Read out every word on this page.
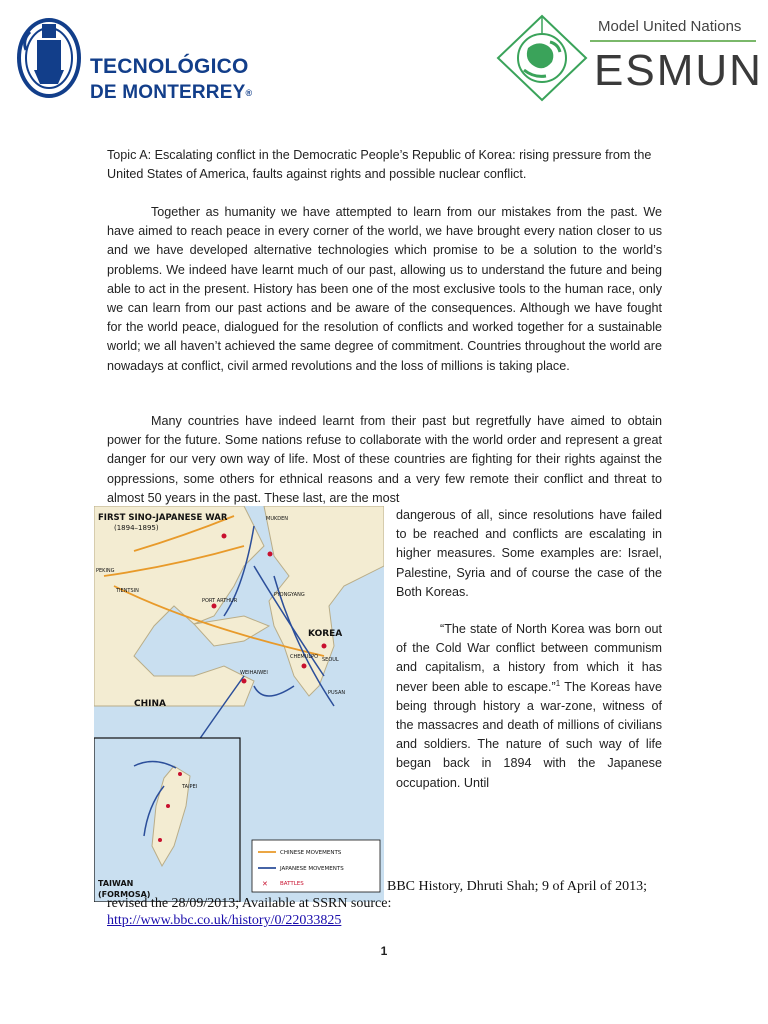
TECNOLÓGICO
DE MONTERREY®
Model United Nations
ESMUN

Topic A: Escalating conflict in the Democratic People’s Republic of Korea: rising pressure from the United States of America, faults against rights and possible nuclear conflict.

Together as humanity we have attempted to learn from our mistakes from the past. We have aimed to reach peace in every corner of the world, we have brought every nation closer to us and we have developed alternative technologies which promise to be a solution to the world’s problems. We indeed have learnt much of our past, allowing us to understand the future and being able to act in the present. History has been one of the most exclusive tools to the human race, only we can learn from our past actions and be aware of the consequences. Although we have fought for the world peace, dialogued for the resolution of conflicts and worked together for a sustainable world; we all haven’t achieved the same degree of commitment. Countries throughout the world are nowadays at conflict, civil armed revolutions and the loss of millions is taking place.

Many countries have indeed learnt from their past but regretfully have aimed to obtain power for the future. Some nations refuse to collaborate with the world order and represent a great danger for our very own way of life. Most of these countries are fighting for their rights against the oppressions, some others for ethnical reasons and a very few remote their conflict and threat to almost 50 years in the past. These last, are the most

dangerous of all, since resolutions have failed to be reached and conflicts are escalating in higher measures. Some examples are: Israel, Palestine, Syria and of course the case of the Both Koreas.

“The state of North Korea was born out of the Cold War conflict between communism and capitalism, a history from which it has never been able to escape.”$^1$ The Koreas have being through history a war-zone, witness of the massacres and death of millions of civilians and soldiers. The nature of such way of life began back in 1894 with the Japanese occupation. Until

FIRST SINO-JAPANESE WAR
(1894–1895)
KOREA
CHINA
SEOUL
PEKING
TIENTSIN
PUSAN
MUKDEN
PORT ARTHUR
WEIHAIWEI
CHEMULPO
PYONGYANG
TAIPEI
TAIWAN
(FORMOSA)
CHINESE MOVEMENTS
JAPANESE MOVEMENTS
✕ BATTLES	BBC History, Dhruti Shah; 9 of April of 2013;
revised the 28/09/2013; Available at SSRN source:
http://www.bbc.co.uk/history/0/22033825
1
